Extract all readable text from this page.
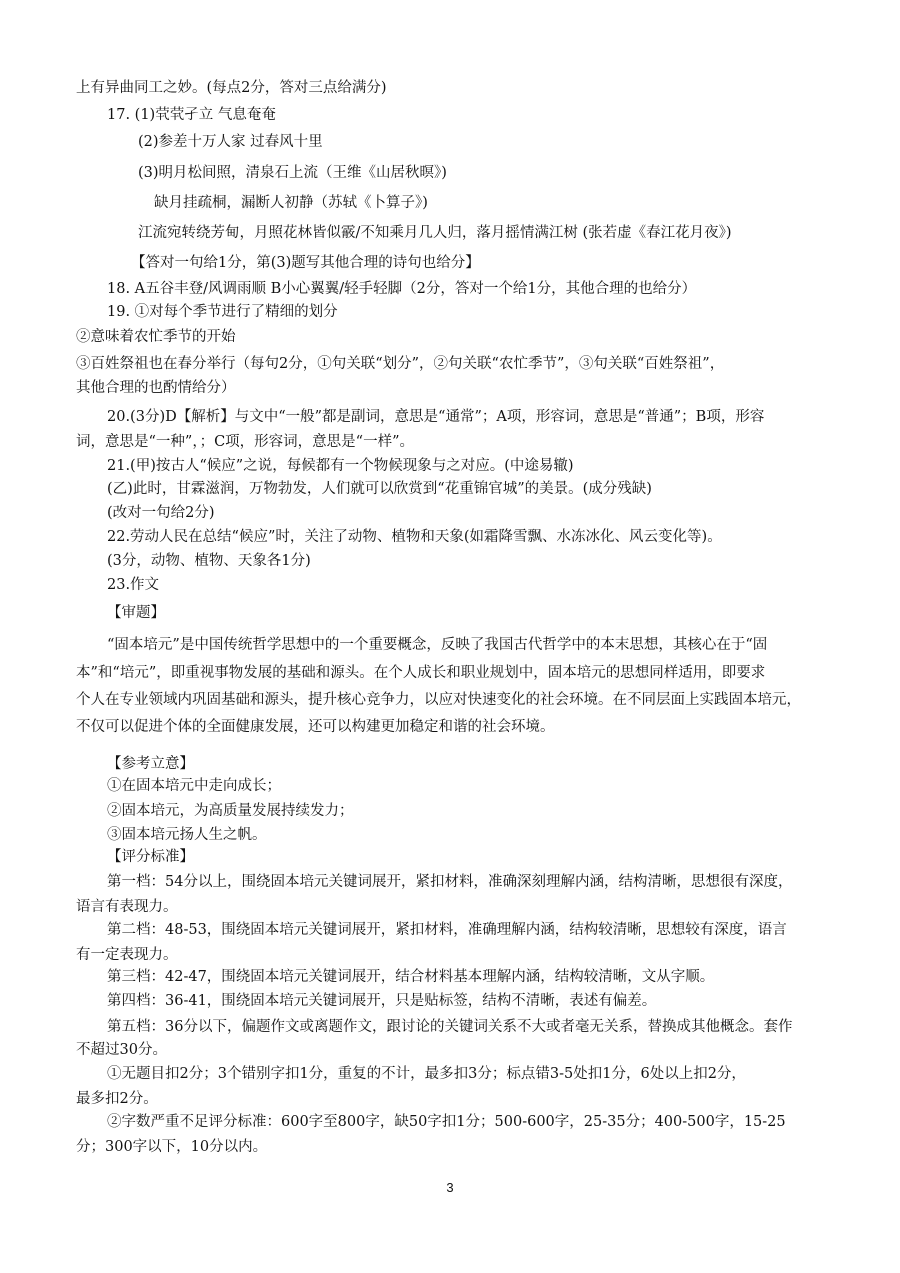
上有异曲同工之妙。(每点2分，答对三点给满分)
17. (1)茕茕孑立 气息奄奄
(2)参差十万人家 过春风十里
(3)明月松间照，清泉石上流（王维《山居秋暝》)
缺月挂疏桐，漏断人初静（苏轼《卜算子》)
江流宛转绕芳甸，月照花林皆似霰/不知乘月几人归，落月摇情满江树 (张若虚《春江花月夜》)
【答对一句给1分，第(3)题写其他合理的诗句也给分】
18. A五谷丰登/风调雨顺 B小心翼翼/轻手轻脚（2分，答对一个给1分，其他合理的也给分）
19. ①对每个季节进行了精细的划分
②意味着农忙季节的开始
③百姓祭祖也在春分举行（每句2分，①句关联“划分”，②句关联“农忙季节”，③句关联“百姓祭祖”，
其他合理的也酌情给分）
20.(3分)D【解析】与文中“一般”都是副词，意思是“通常”；A项，形容词，意思是“普通”；B项，形容
词，意思是“一种”，；C项，形容词，意思是“一样”。
21.(甲)按古人“候应”之说，每候都有一个物候现象与之对应。(中途易辙)
(乙)此时，甘霖滋润，万物勃发，人们就可以欣赏到“花重锦官城”的美景。(成分残缺)
(改对一句给2分)
22.劳动人民在总结“候应”时，关注了动物、植物和天象(如霜降雪飘、水冻冰化、风云变化等)。
(3分，动物、植物、天象各1分)
23.作文
【审题】
“固本培元”是中国传统哲学思想中的一个重要概念，反映了我国古代哲学中的本末思想，其核心在于“固
本”和“培元”，即重视事物发展的基础和源头。在个人成长和职业规划中，固本培元的思想同样适用，即要求
个人在专业领域内巩固基础和源头，提升核心竞争力，以应对快速变化的社会环境。在不同层面上实践固本培元，
不仅可以促进个体的全面健康发展，还可以构建更加稳定和谐的社会环境。
【参考立意】
①在固本培元中走向成长；
②固本培元，为高质量发展持续发力；
③固本培元扬人生之帆。
【评分标准】
第一档：54分以上，围绕固本培元关键词展开，紧扣材料，准确深刻理解内涵，结构清晰，思想很有深度，
语言有表现力。
第二档：48-53，围绕固本培元关键词展开，紧扣材料，准确理解内涵，结构较清晰，思想较有深度，语言
有一定表现力。
第三档：42-47，围绕固本培元关键词展开，结合材料基本理解内涵，结构较清晰，文从字顺。
第四档：36-41，围绕固本培元关键词展开，只是贴标签，结构不清晰，表述有偏差。
第五档：36分以下，偏题作文或离题作文，跟讨论的关键词关系不大或者毫无关系，替换成其他概念。套作
不超过30分。
①无题目扣2分；3个错别字扣1分，重复的不计，最多扣3分；标点错3-5处扣1分，6处以上扣2分，
最多扣2分。
②字数严重不足评分标准：600字至800字，缺50字扣1分；500-600字，25-35分；400-500字，15-25
分；300字以下，10分以内。
3
